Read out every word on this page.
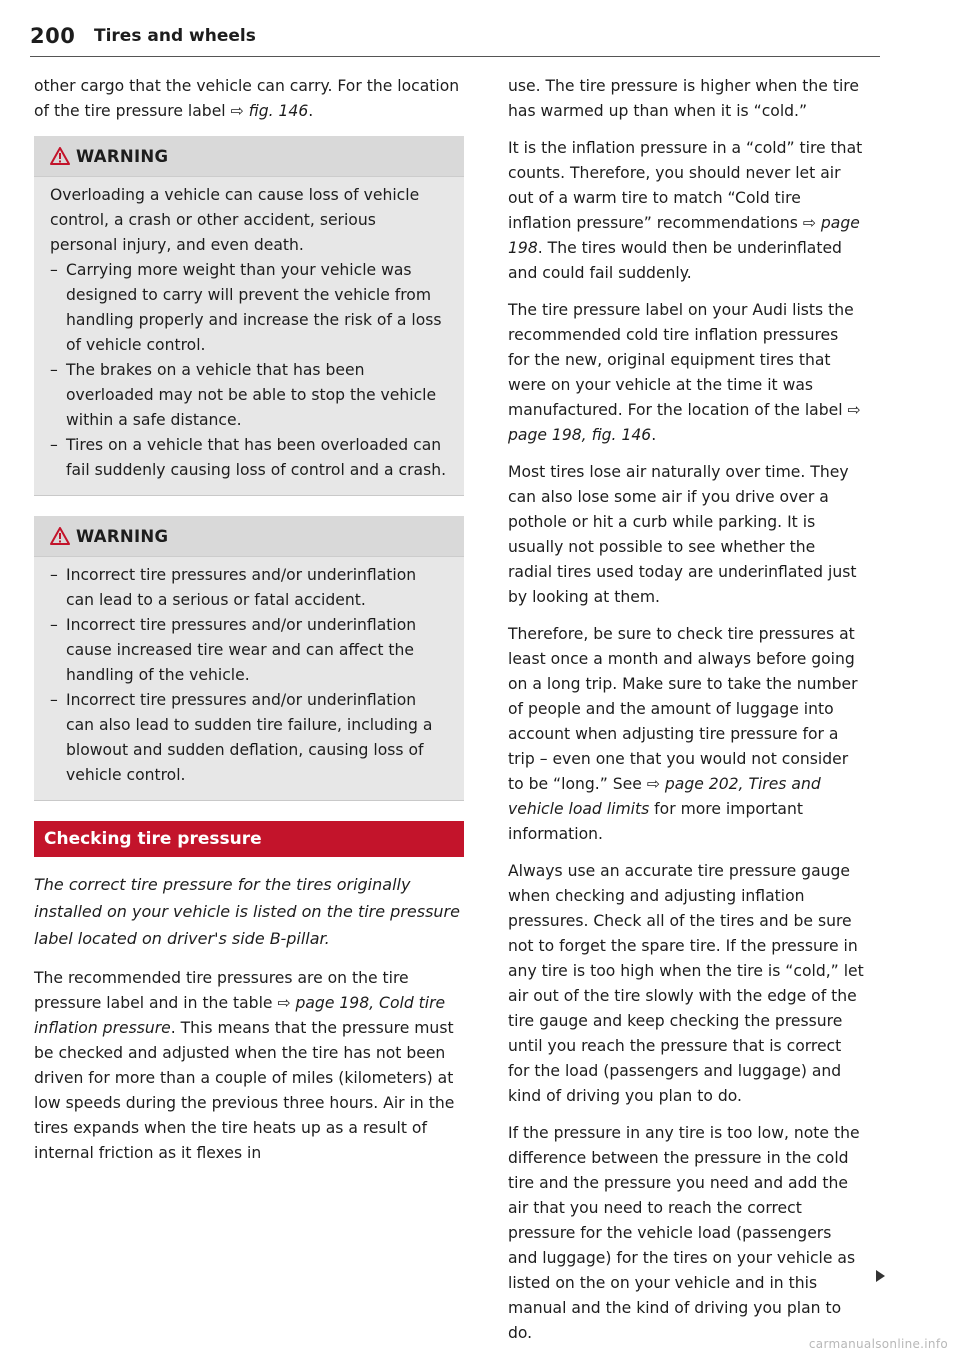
200 Tires and wheels

other cargo that the vehicle can carry. For the location of the tire pressure label ⇨ fig. 146.

WARNING

Overloading a vehicle can cause loss of vehicle control, a crash or other accident, serious personal injury, and even death.

– Carrying more weight than your vehicle was designed to carry will prevent the vehicle from handling properly and increase the risk of a loss of vehicle control.
– The brakes on a vehicle that has been overloaded may not be able to stop the vehicle within a safe distance.
– Tires on a vehicle that has been overloaded can fail suddenly causing loss of control and a crash.
WARNING
– Incorrect tire pressures and/or underinflation can lead to a serious or fatal accident.
– Incorrect tire pressures and/or underinflation cause increased tire wear and can affect the handling of the vehicle.
– Incorrect tire pressures and/or underinflation can also lead to sudden tire failure, including a blowout and sudden deflation, causing loss of vehicle control.
Checking tire pressure

The correct tire pressure for the tires originally installed on your vehicle is listed on the tire pressure label located on driver's side B-pillar.

The recommended tire pressures are on the tire pressure label and in the table ⇨ page 198, Cold tire inflation pressure. This means that the pressure must be checked and adjusted when the tire has not been driven for more than a couple of miles (kilometers) at low speeds during the previous three hours. Air in the tires expands when the tire heats up as a result of internal friction as it flexes in

use. The tire pressure is higher when the tire has warmed up than when it is “cold.”

It is the inflation pressure in a “cold” tire that counts. Therefore, you should never let air out of a warm tire to match “Cold tire inflation pressure” recommendations ⇨ page 198. The tires would then be underinflated and could fail suddenly.

The tire pressure label on your Audi lists the recommended cold tire inflation pressures for the new, original equipment tires that were on your vehicle at the time it was manufactured. For the location of the label ⇨ page 198, fig. 146.

Most tires lose air naturally over time. They can also lose some air if you drive over a pothole or hit a curb while parking. It is usually not possible to see whether the radial tires used today are underinflated just by looking at them.

Therefore, be sure to check tire pressures at least once a month and always before going on a long trip. Make sure to take the number of people and the amount of luggage into account when adjusting tire pressure for a trip – even one that you would not consider to be “long.” See ⇨ page 202, Tires and vehicle load limits for more important information.

Always use an accurate tire pressure gauge when checking and adjusting inflation pressures. Check all of the tires and be sure not to forget the spare tire. If the pressure in any tire is too high when the tire is “cold,” let air out of the tire slowly with the edge of the tire gauge and keep checking the pressure until you reach the pressure that is correct for the load (passengers and luggage) and kind of driving you plan to do.

If the pressure in any tire is too low, note the difference between the pressure in the cold tire and the pressure you need and add the air that you need to reach the correct pressure for the vehicle load (passengers and luggage) for the tires on your vehicle as listed on the on your vehicle and in this manual and the kind of driving you plan to do.

carmanualsonline.info
